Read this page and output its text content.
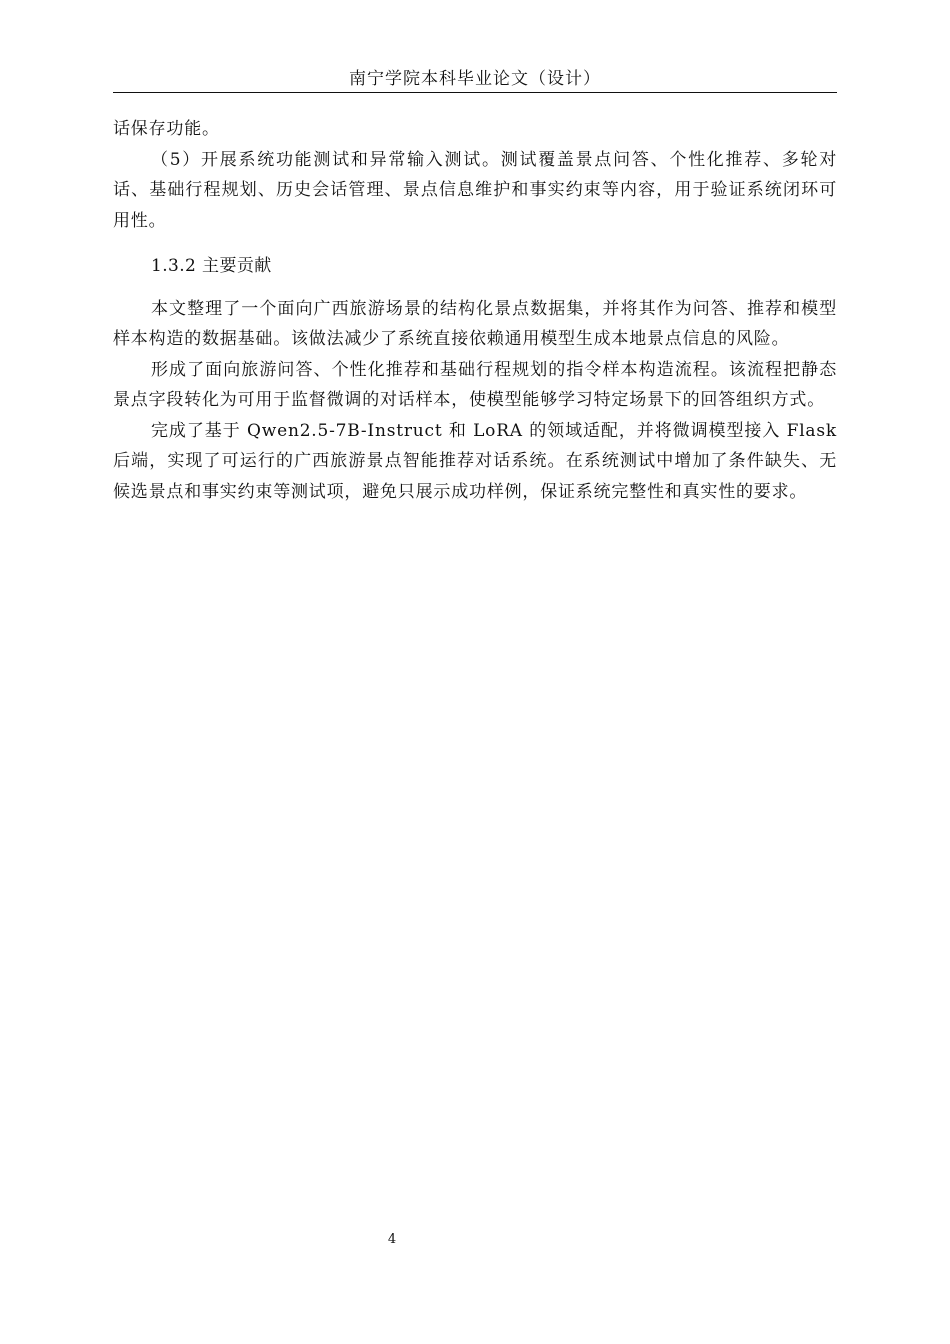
南宁学院本科毕业论文（设计）

话保存功能。

（5）开展系统功能测试和异常输入测试。测试覆盖景点问答、个性化推荐、多轮对话、基础行程规划、历史会话管理、景点信息维护和事实约束等内容，用于验证系统闭环可用性。

1.3.2 主要贡献

本文整理了一个面向广西旅游场景的结构化景点数据集，并将其作为问答、推荐和模型样本构造的数据基础。该做法减少了系统直接依赖通用模型生成本地景点信息的风险。

形成了面向旅游问答、个性化推荐和基础行程规划的指令样本构造流程。该流程把静态景点字段转化为可用于监督微调的对话样本，使模型能够学习特定场景下的回答组织方式。

完成了基于 Qwen2.5-7B-Instruct 和 LoRA 的领域适配，并将微调模型接入 Flask 后端，实现了可运行的广西旅游景点智能推荐对话系统。在系统测试中增加了条件缺失、无候选景点和事实约束等测试项，避免只展示成功样例，保证系统完整性和真实性的要求。

4
